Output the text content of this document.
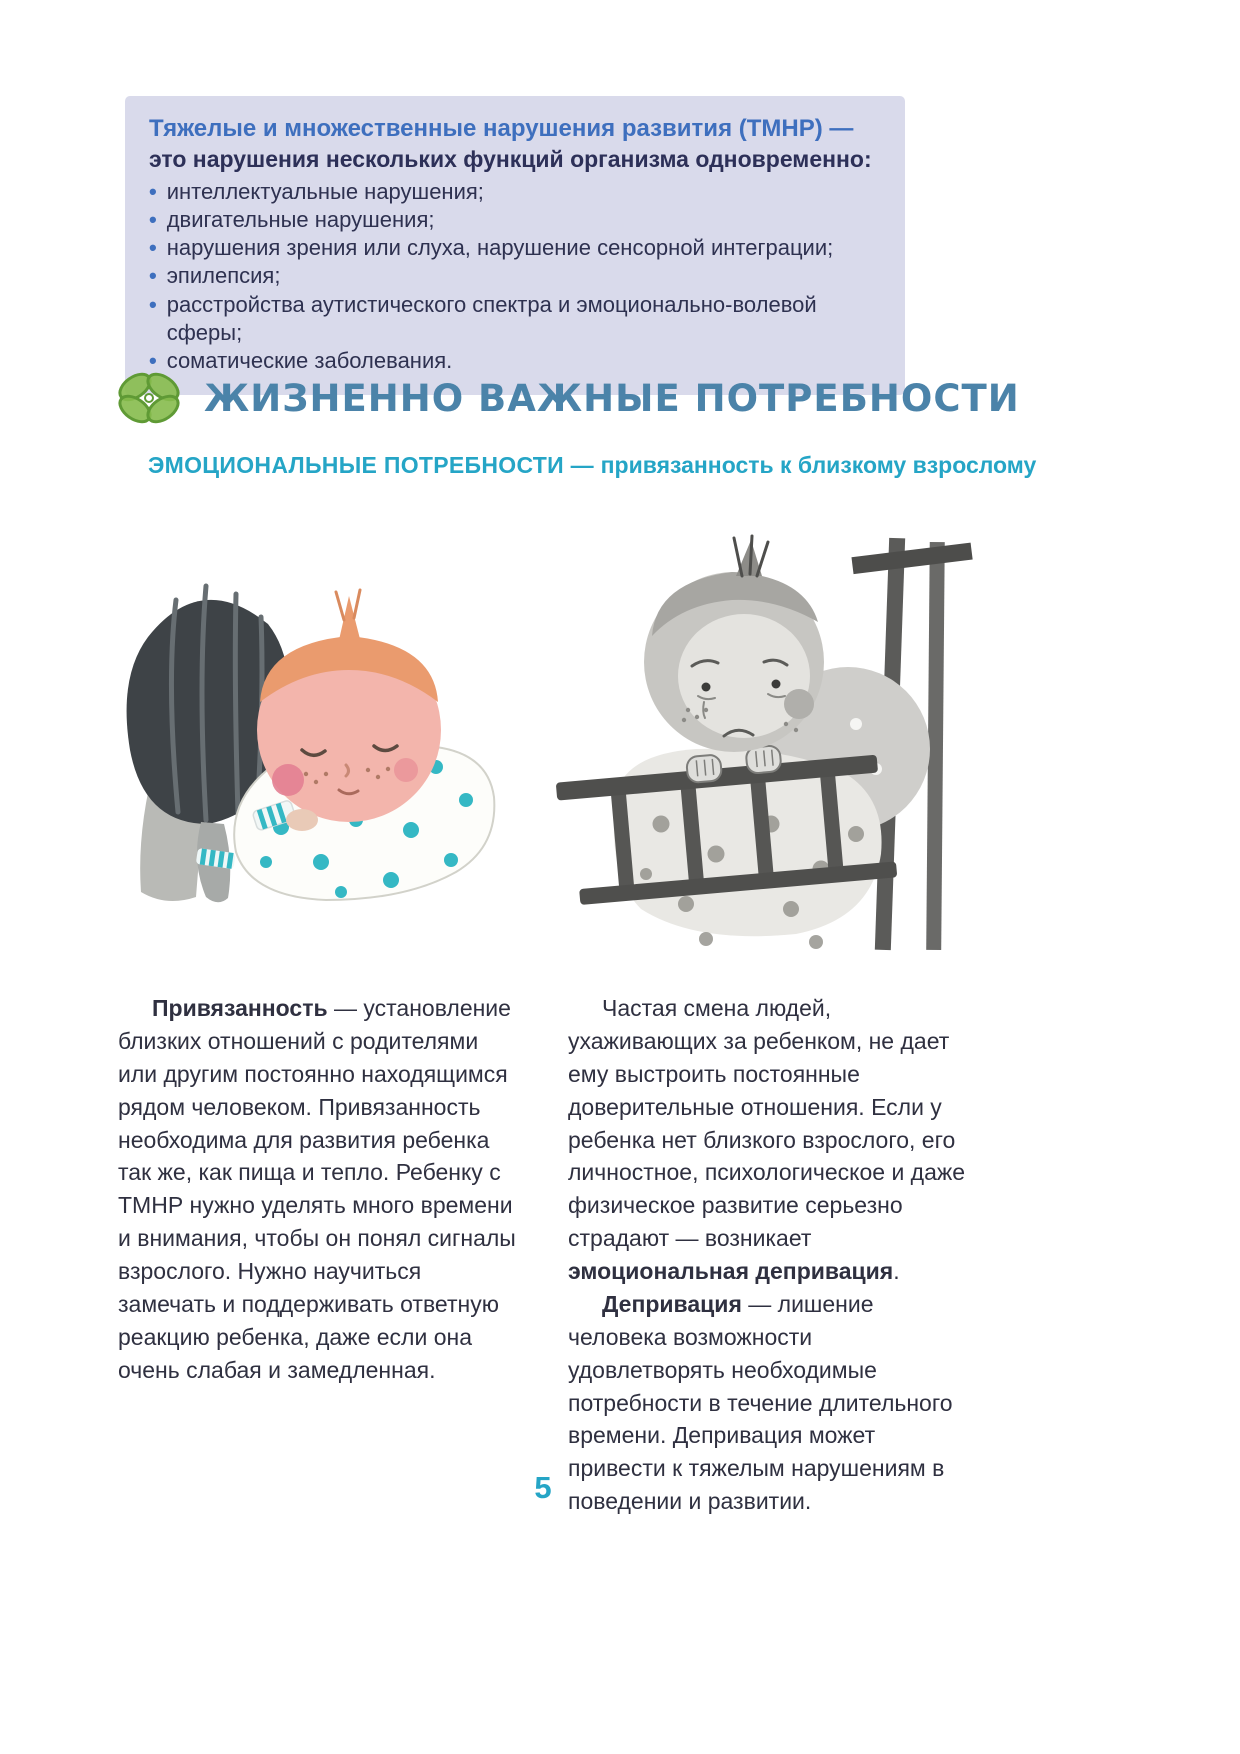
Тяжелые и множественные нарушения развития (ТМНР) —
это нарушения нескольких функций организма одновременно:
• интеллектуальные нарушения;
• двигательные нарушения;
• нарушения зрения или слуха, нарушение сенсорной интеграции;
• эпилепсия;
• расстройства аутистического спектра и эмоционально-волевой сферы;
• соматические заболевания.
ЖИЗНЕННО ВАЖНЫЕ ПОТРЕБНОСТИ
ЭМОЦИОНАЛЬНЫЕ ПОТРЕБНОСТИ — привязанность к близкому взрослому

Привязанность — установление близких отношений с родителями или другим постоянно находящимся рядом человеком. Привязанность необходима для развития ребенка так же, как пища и тепло. Ребенку с ТМНР нужно уделять много времени и внимания, чтобы он понял сигналы взрослого. Нужно научиться замечать и поддерживать ответную реакцию ребенка, даже если она очень слабая и замедленная.

Частая смена людей, ухаживающих за ребенком, не дает ему выстроить постоянные доверительные отношения. Если у ребенка нет близкого взрослого, его личностное, психологическое и даже физическое развитие серьезно страдают — возникает эмоциональная депривация.

Депривация — лишение человека возможности удовлетворять необходимые потребности в течение длительного времени. Депривация может привести к тяжелым нарушениям в поведении и развитии.

5
